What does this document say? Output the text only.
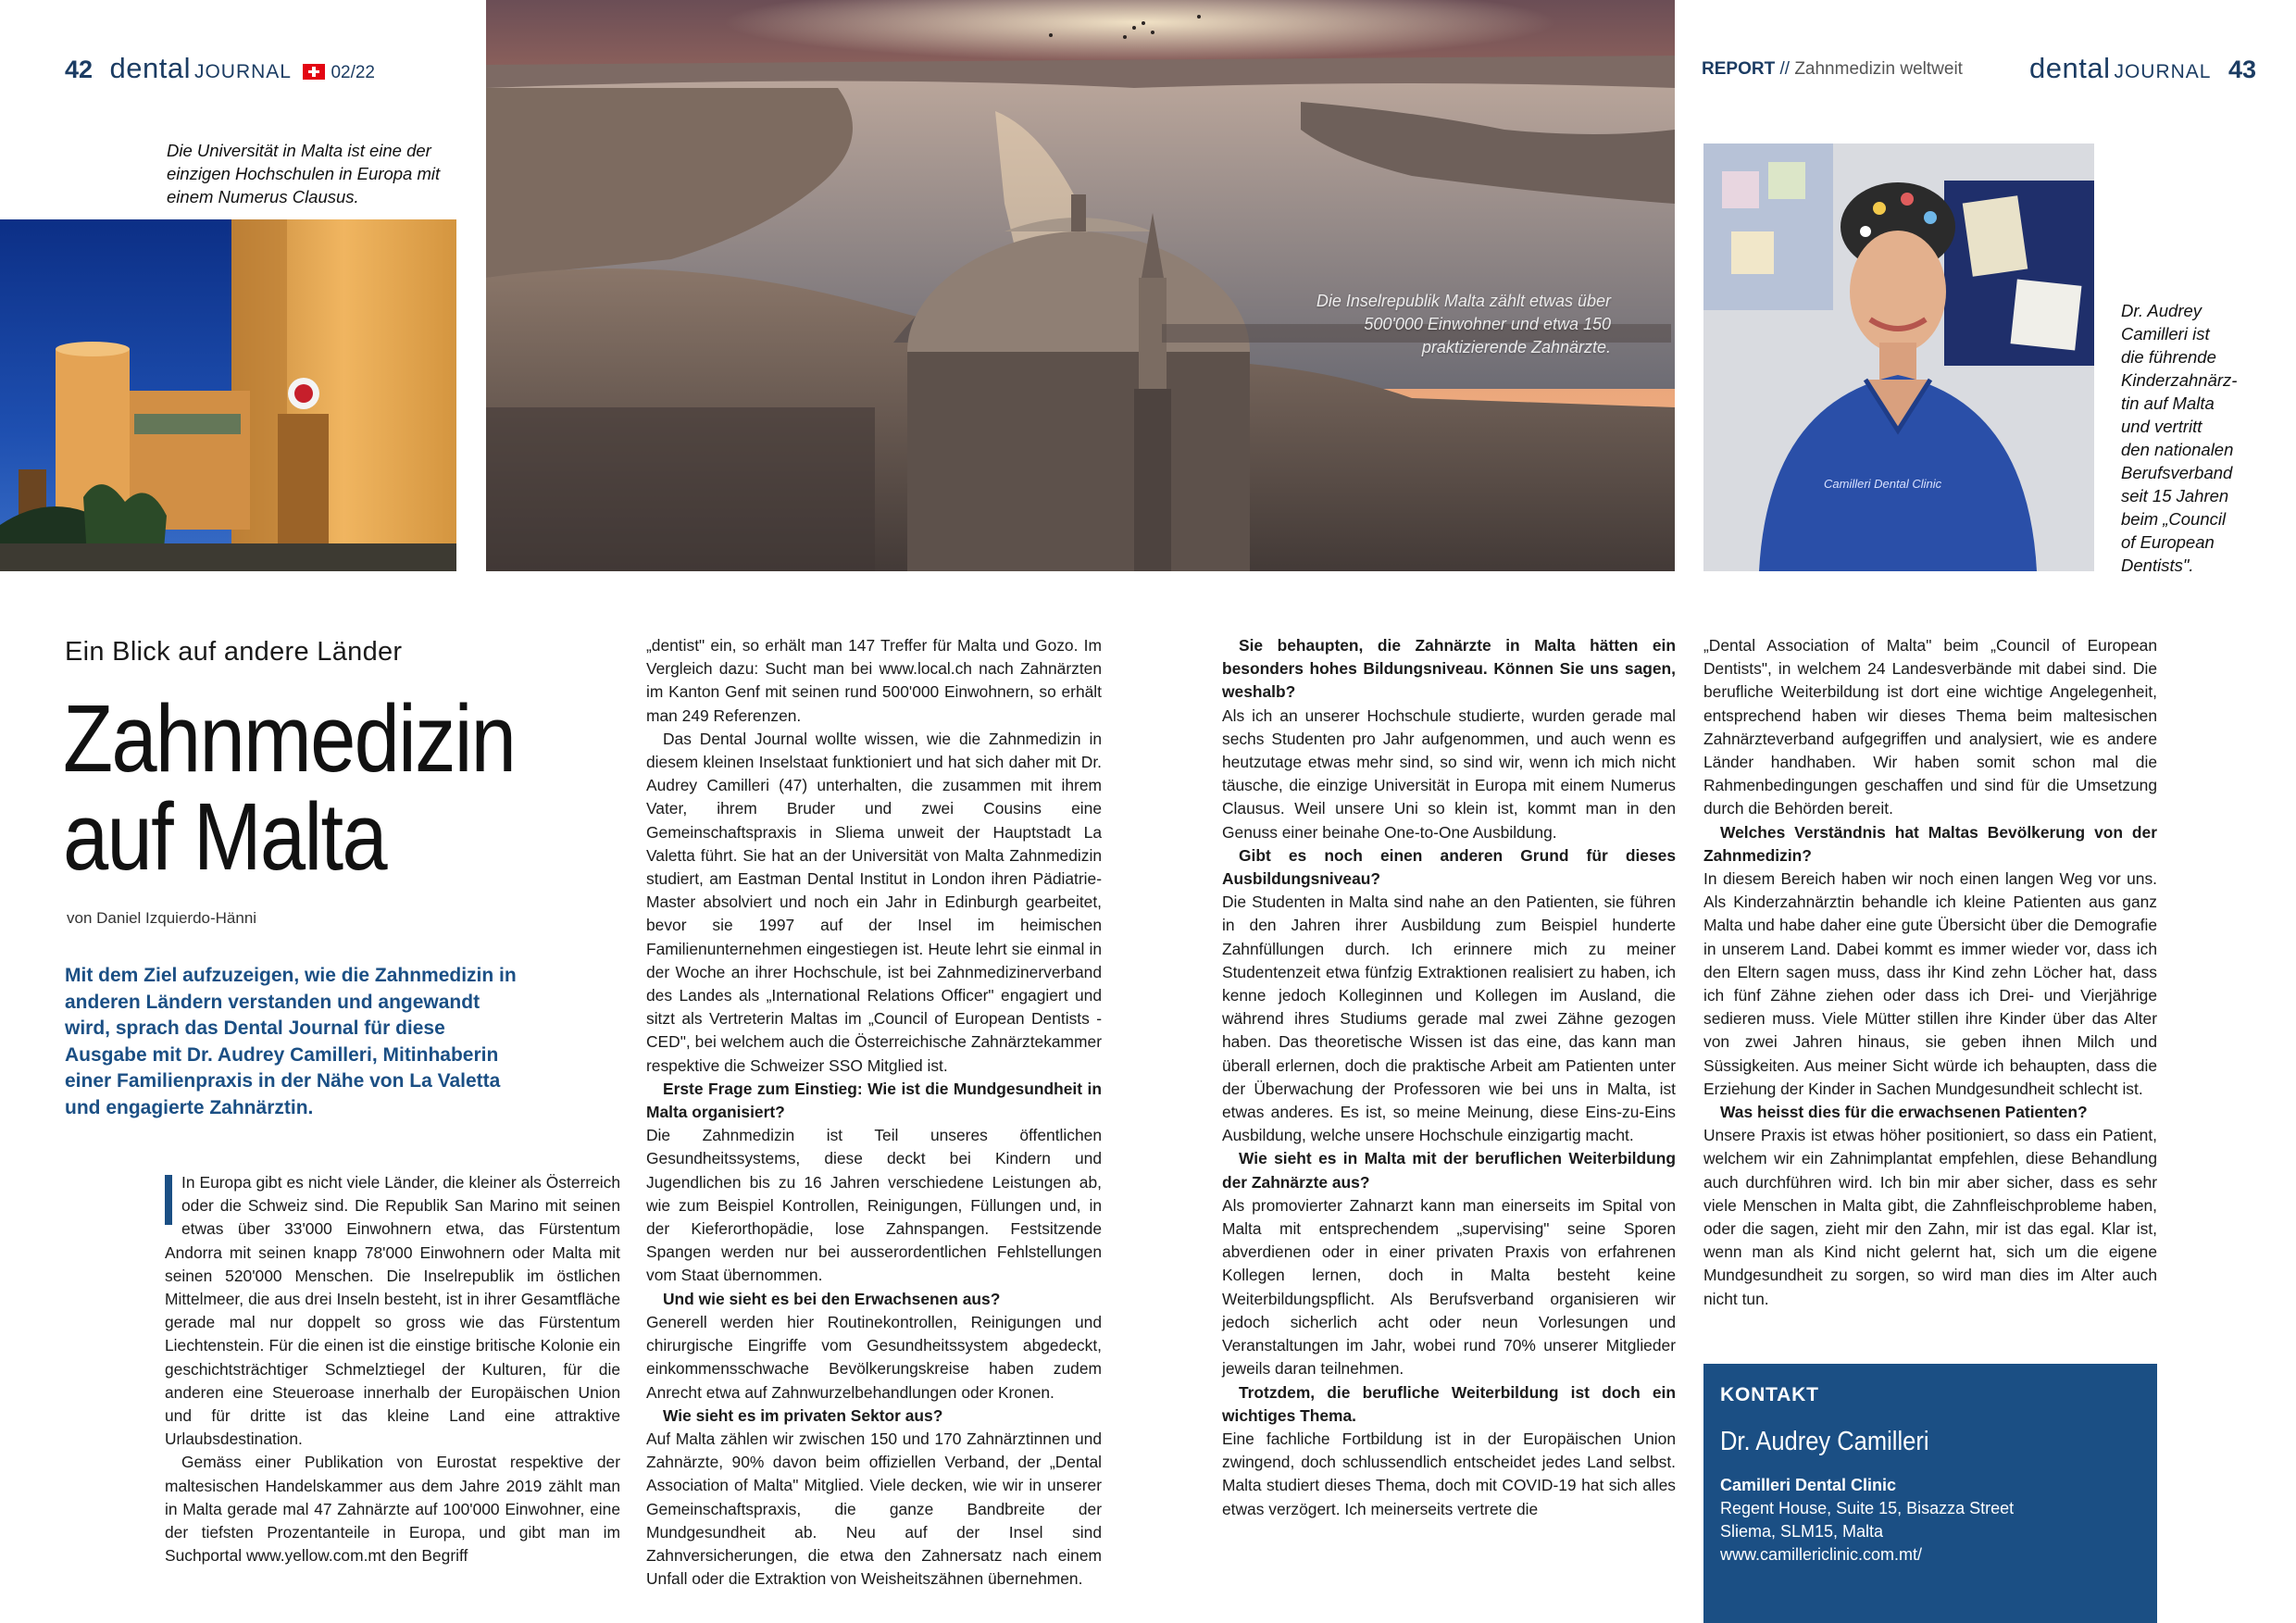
42 dental JOURNAL 02/22	REPORT // Zahnmedizin weltweit dental JOURNAL 43
Die Universität in Malta ist eine der einzigen Hochschulen in Europa mit einem Numerus Clausus.
Die Inselrepublik Malta zählt etwas über 500'000 Einwohner und etwa 150 praktizierende Zahnärzte.
Camilleri Dental Clinic
Dr. Audrey
Camilleri ist
die führende
Kinderzahnärz-
tin auf Malta
und vertritt
den nationalen
Berufsverband
seit 15 Jahren
beim „Council
of European
Dentists".
Ein Blick auf andere Länder
Zahnmedizin
auf Malta
von Daniel Izquierdo-Hänni
Mit dem Ziel aufzuzeigen, wie die Zahnmedizin in anderen Ländern verstanden und angewandt wird, sprach das Dental Journal für diese Ausgabe mit Dr. Audrey Camilleri, Mitinhaberin einer Familienpraxis in der Nähe von La Valetta und engagierte Zahnärztin.

In Europa gibt es nicht viele Länder, die kleiner als Österreich oder die Schweiz sind. Die Republik San Marino mit seinen etwas über 33'000 Einwohnern etwa, das Fürstentum Andorra mit seinen knapp 78'000 Einwohnern oder Malta mit seinen 520'000 Menschen. Die Inselrepublik im östlichen Mittelmeer, die aus drei Inseln besteht, ist in ihrer Gesamtfläche gerade mal nur doppelt so gross wie das Fürstentum Liechtenstein. Für die einen ist die einstige britische Kolonie ein geschichtsträchtiger Schmelztiegel der Kulturen, für die anderen eine Steueroase innerhalb der Europäischen Union und für dritte ist das kleine Land eine attraktive Urlaubsdestination.

Gemäss einer Publikation von Eurostat respektive der maltesischen Handelskammer aus dem Jahre 2019 zählt man in Malta gerade mal 47 Zahnärzte auf 100'000 Einwohner, eine der tiefsten Prozentanteile in Europa, und gibt man im Suchportal www.yellow.com.mt den Begriff

„dentist" ein, so erhält man 147 Treffer für Malta und Gozo. Im Vergleich dazu: Sucht man bei www.local.ch nach Zahnärzten im Kanton Genf mit seinen rund 500'000 Einwohnern, so erhält man 249 Referenzen.

Das Dental Journal wollte wissen, wie die Zahnmedizin in diesem kleinen Inselstaat funktioniert und hat sich daher mit Dr. Audrey Camilleri (47) unterhalten, die zusammen mit ihrem Vater, ihrem Bruder und zwei Cousins eine Gemeinschaftspraxis in Sliema unweit der Hauptstadt La Valetta führt. Sie hat an der Universität von Malta Zahnmedizin studiert, am Eastman Dental Institut in London ihren Pädiatrie-Master absolviert und noch ein Jahr in Edinburgh gearbeitet, bevor sie 1997 auf der Insel im heimischen Familienunternehmen eingestiegen ist. Heute lehrt sie einmal in der Woche an ihrer Hochschule, ist bei Zahnmedizinerverband des Landes als „International Relations Officer" engagiert und sitzt als Vertreterin Maltas im „Council of European Dentists - CED", bei welchem auch die Österreichische Zahnärztekammer respektive die Schweizer SSO Mitglied ist.

Erste Frage zum Einstieg: Wie ist die Mundgesundheit in Malta organisiert?

Die Zahnmedizin ist Teil unseres öffentlichen Gesundheitssystems, diese deckt bei Kindern und Jugendlichen bis zu 16 Jahren verschiedene Leistungen ab, wie zum Beispiel Kontrollen, Reinigungen, Füllungen und, in der Kieferorthopädie, lose Zahnspangen. Festsitzende Spangen werden nur bei ausserordentlichen Fehlstellungen vom Staat übernommen.

Und wie sieht es bei den Erwachsenen aus?

Generell werden hier Routinekontrollen, Reinigungen und chirurgische Eingriffe vom Gesundheitssystem abgedeckt, einkommensschwache Bevölkerungskreise haben zudem Anrecht etwa auf Zahnwurzelbehandlungen oder Kronen.

Wie sieht es im privaten Sektor aus?

Auf Malta zählen wir zwischen 150 und 170 Zahnärztinnen und Zahnärzte, 90% davon beim offiziellen Verband, der „Dental Association of Malta" Mitglied. Viele decken, wie wir in unserer Gemeinschaftspraxis, die ganze Bandbreite der Mundgesundheit ab. Neu auf der Insel sind Zahnversicherungen, die etwa den Zahnersatz nach einem Unfall oder die Extraktion von Weisheitszähnen übernehmen.

Sie behaupten, die Zahnärzte in Malta hätten ein besonders hohes Bildungsniveau. Können Sie uns sagen, weshalb?

Als ich an unserer Hochschule studierte, wurden gerade mal sechs Studenten pro Jahr aufgenommen, und auch wenn es heutzutage etwas mehr sind, so sind wir, wenn ich mich nicht täusche, die einzige Universität in Europa mit einem Numerus Clausus. Weil unsere Uni so klein ist, kommt man in den Genuss einer beinahe One-to-One Ausbildung.

Gibt es noch einen anderen Grund für dieses Ausbildungsniveau?

Die Studenten in Malta sind nahe an den Patienten, sie führen in den Jahren ihrer Ausbildung zum Beispiel hunderte Zahnfüllungen durch. Ich erinnere mich zu meiner Studentenzeit etwa fünfzig Extraktionen realisiert zu haben, ich kenne jedoch Kolleginnen und Kollegen im Ausland, die während ihres Studiums gerade mal zwei Zähne gezogen haben. Das theoretische Wissen ist das eine, das kann man überall erlernen, doch die praktische Arbeit am Patienten unter der Überwachung der Professoren wie bei uns in Malta, ist etwas anderes. Es ist, so meine Meinung, diese Eins-zu-Eins Ausbildung, welche unsere Hochschule einzigartig macht.

Wie sieht es in Malta mit der beruflichen Weiterbildung der Zahnärzte aus?

Als promovierter Zahnarzt kann man einerseits im Spital von Malta mit entsprechendem „supervising" seine Sporen abverdienen oder in einer privaten Praxis von erfahrenen Kollegen lernen, doch in Malta besteht keine Weiterbildungspflicht. Als Berufsverband organisieren wir jedoch sicherlich acht oder neun Vorlesungen und Veranstaltungen im Jahr, wobei rund 70% unserer Mitglieder jeweils daran teilnehmen.

Trotzdem, die berufliche Weiterbildung ist doch ein wichtiges Thema.

Eine fachliche Fortbildung ist in der Europäischen Union zwingend, doch schlussendlich entscheidet jedes Land selbst. Malta studiert dieses Thema, doch mit COVID-19 hat sich alles etwas verzögert. Ich meinerseits vertrete die

„Dental Association of Malta" beim „Council of European Dentists", in welchem 24 Landesverbände mit dabei sind. Die berufliche Weiterbildung ist dort eine wichtige Angelegenheit, entsprechend haben wir dieses Thema beim maltesischen Zahnärzteverband aufgegriffen und analysiert, wie es andere Länder handhaben. Wir haben somit schon mal die Rahmenbedingungen geschaffen und sind für die Umsetzung durch die Behörden bereit.

Welches Verständnis hat Maltas Bevölkerung von der Zahnmedizin?

In diesem Bereich haben wir noch einen langen Weg vor uns. Als Kinderzahnärztin behandle ich kleine Patienten aus ganz Malta und habe daher eine gute Übersicht über die Demografie in unserem Land. Dabei kommt es immer wieder vor, dass ich den Eltern sagen muss, dass ihr Kind zehn Löcher hat, dass ich fünf Zähne ziehen oder dass ich Drei- und Vierjährige sedieren muss. Viele Mütter stillen ihre Kinder über das Alter von zwei Jahren hinaus, sie geben ihnen Milch und Süssigkeiten. Aus meiner Sicht würde ich behaupten, dass die Erziehung der Kinder in Sachen Mundgesundheit schlecht ist.

Was heisst dies für die erwachsenen Patienten?

Unsere Praxis ist etwas höher positioniert, so dass ein Patient, welchem wir ein Zahnimplantat empfehlen, diese Behandlung auch durchführen wird. Ich bin mir aber sicher, dass es sehr viele Menschen in Malta gibt, die Zahnfleischprobleme haben, oder die sagen, zieht mir den Zahn, mir ist das egal. Klar ist, wenn man als Kind nicht gelernt hat, sich um die eigene Mundgesundheit zu sorgen, so wird man dies im Alter auch nicht tun.

KONTAKT
Dr. Audrey Camilleri
Camilleri Dental Clinic
Regent House, Suite 15, Bisazza Street
Sliema, SLM15, Malta
www.camillericlinic.com.mt/
